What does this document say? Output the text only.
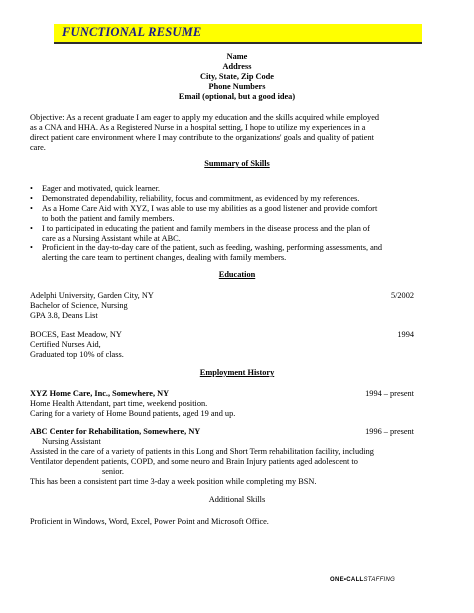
FUNCTIONAL RESUME
Name
Address
City, State, Zip Code
Phone Numbers
Email (optional, but a good idea)
Objective: As a recent graduate I am eager to apply my education and the skills acquired while employed
as a CNA and HHA. As a Registered Nurse in a hospital setting, I hope to utilize my experiences in a
direct patient care environment where I may contribute to the organizations' goals and quality of patient
care.
Summary of Skills
• Eager and motivated, quick learner.
• Demonstrated dependability, reliability, focus and commitment, as evidenced by my references.
• As a Home Care Aid with XYZ, I was able to use my abilities as a good listener and provide comfort
to both the patient and family members.
• I to participated in educating the patient and family members in the disease process and the plan of
care as a Nursing Assistant while at ABC.
• Proficient in the day-to-day care of the patient, such as feeding, washing, performing assessments, and
alerting the care team to pertinent changes, dealing with family members.
Education
Adelphi University, Garden City, NY	5/2002
Bachelor of Science, Nursing
GPA 3.8, Deans List
BOCES, East Meadow, NY	1994
Certified Nurses Aid,
Graduated top 10% of class.
Employment History
XYZ Home Care, Inc., Somewhere, NY	1994 – present
Home Health Attendant, part time, weekend position.
Caring for a variety of Home Bound patients, aged 19 and up.
ABC Center for Rehabilitation, Somewhere, NY	1996 – present
Nursing Assistant
Assisted in the care of a variety of patients in this Long and Short Term rehabilitation facility, including
Ventilator dependent patients, COPD, and some neuro and Brain Injury patients aged adolescent to
senior.
This has been a consistent part time 3-day a week position while completing my BSN.
Additional Skills
Proficient in Windows, Word, Excel, Power Point and Microsoft Office.
ONE•CALLSTAFFING
